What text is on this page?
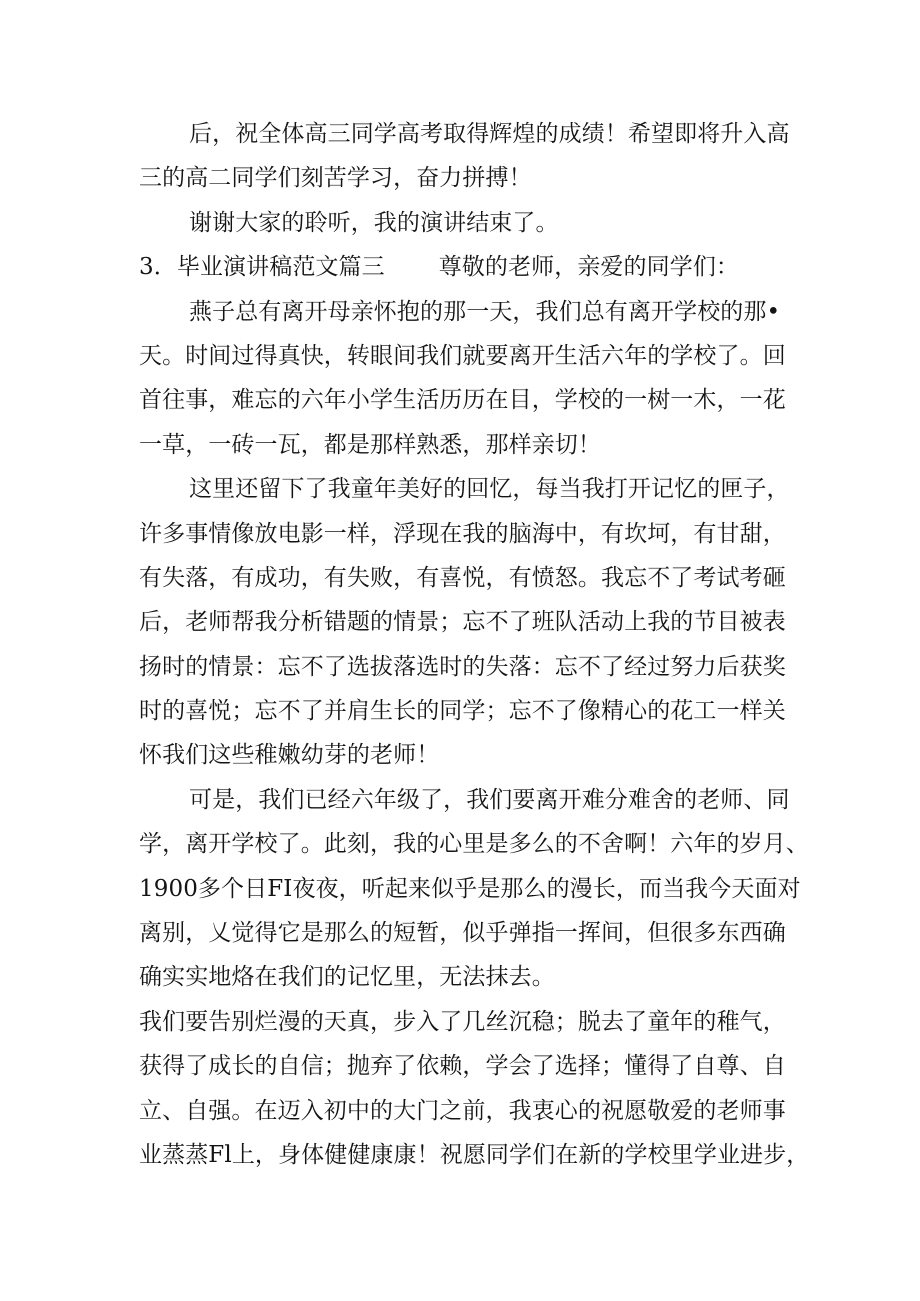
后，祝全体高三同学高考取得辉煌的成绩！希望即将升入高
三的高二同学们刻苦学习，奋力拼搏！
谢谢大家的聆听，我的演讲结束了。
3．毕业演讲稿范文篇三 尊敬的老师，亲爱的同学们：
燕子总有离开母亲怀抱的那一天，我们总有离开学校的那•
天。时间过得真快，转眼间我们就要离开生活六年的学校了。回
首往事，难忘的六年小学生活历历在目，学校的一树一木，一花
一草，一砖一瓦，都是那样熟悉，那样亲切！
这里还留下了我童年美好的回忆，每当我打开记忆的匣子，
许多事情像放电影一样，浮现在我的脑海中，有坎坷，有甘甜，
有失落，有成功，有失败，有喜悦，有愤怒。我忘不了考试考砸
后，老师帮我分析错题的情景；忘不了班队活动上我的节目被表
扬时的情景：忘不了选拔落选时的失落：忘不了经过努力后获奖
时的喜悦；忘不了并肩生长的同学；忘不了像精心的花工一样关
怀我们这些稚嫩幼芽的老师！
可是，我们已经六年级了，我们要离开难分难舍的老师、同
学，离开学校了。此刻，我的心里是多么的不舍啊！六年的岁月、
1900多个日FI夜夜，听起来似乎是那么的漫长，而当我今天面对
离别，乂觉得它是那么的短暂，似乎弹指一挥间，但很多东西确
确实实地烙在我们的记忆里，无法抹去。
我们要告别烂漫的天真，步入了几丝沉稳；脱去了童年的稚气，
获得了成长的自信；抛弃了依赖，学会了选择；懂得了自尊、自
立、自强。在迈入初中的大门之前，我衷心的祝愿敬爱的老师事
业蒸蒸Fl上，身体健健康康！祝愿同学们在新的学校里学业进步，
